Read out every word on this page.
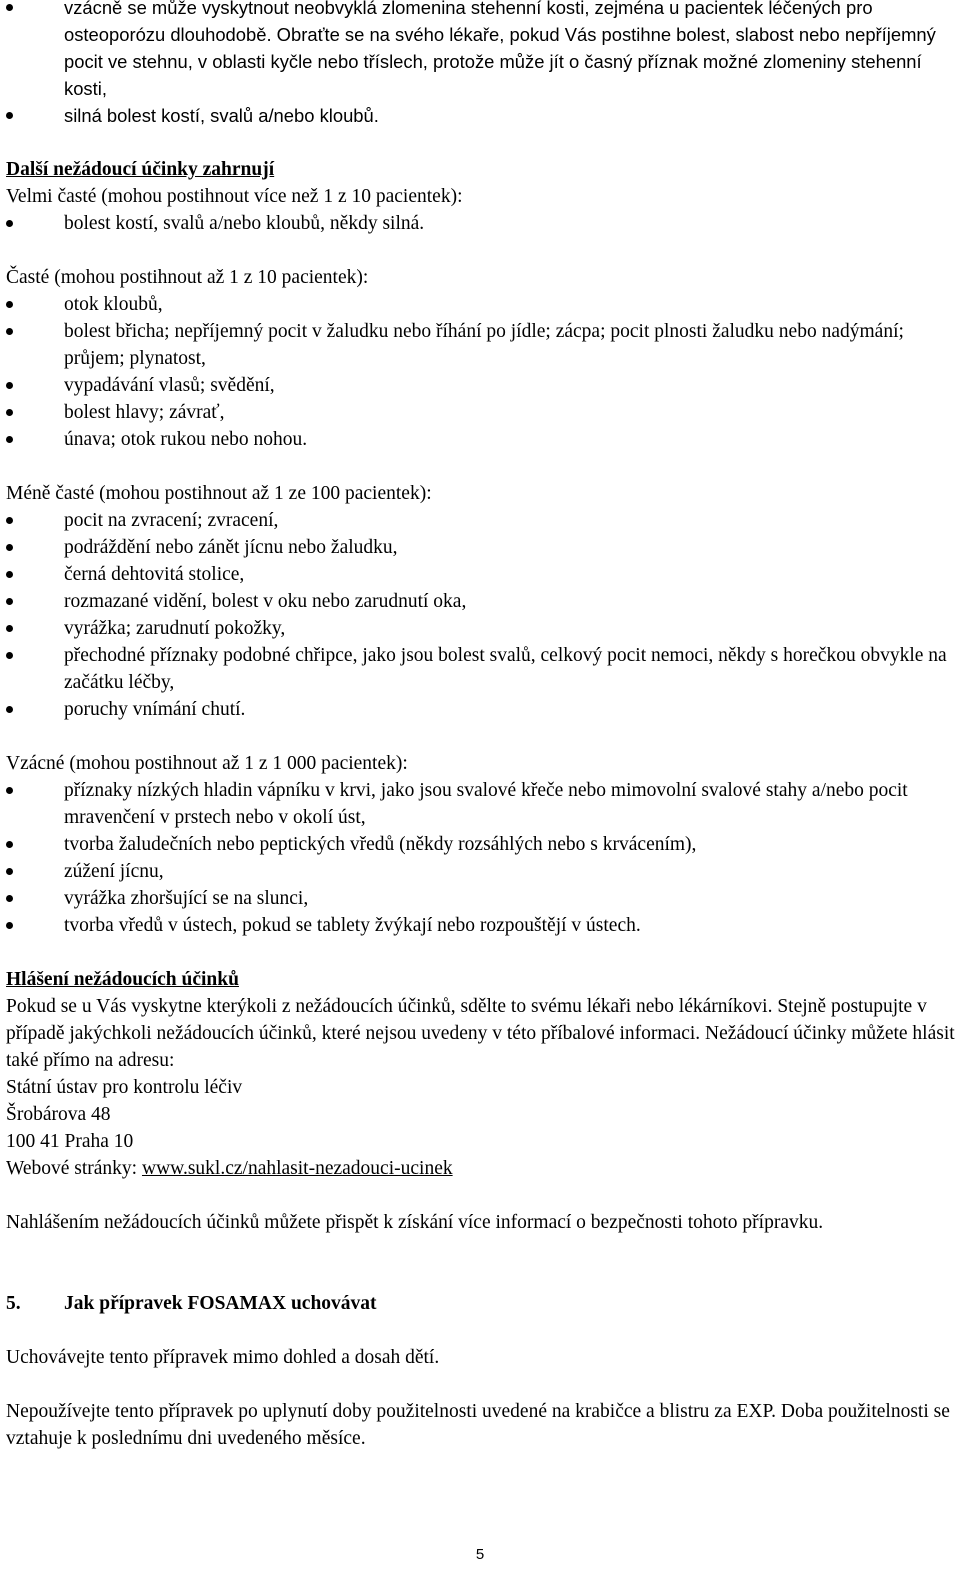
vzácně se může vyskytnout neobvyklá zlomenina stehenní kosti, zejména u pacientek léčených pro osteoporózu dlouhodobě. Obraťte se na svého lékaře, pokud Vás postihne bolest, slabost nebo nepříjemný pocit ve stehnu, v oblasti kyčle nebo tříslech, protože může jít o časný příznak možné zlomeniny stehenní kosti,
silná bolest kostí, svalů a/nebo kloubů.

Další nežádoucí účinky zahrnují

Velmi časté (mohou postihnout více než 1 z 10 pacientek):

bolest kostí, svalů a/nebo kloubů, někdy silná.

Časté (mohou postihnout až 1 z 10 pacientek):

otok kloubů,
bolest břicha; nepříjemný pocit v žaludku nebo říhání po jídle; zácpa; pocit plnosti žaludku nebo nadýmání; průjem; plynatost,
vypadávání vlasů; svědění,
bolest hlavy; závrať,
únava; otok rukou nebo nohou.

Méně časté (mohou postihnout až 1 ze 100 pacientek):

pocit na zvracení; zvracení,
podráždění nebo zánět jícnu nebo žaludku,
černá dehtovitá stolice,
rozmazané vidění, bolest v oku nebo zarudnutí oka,
vyrážka; zarudnutí pokožky,
přechodné příznaky podobné chřipce, jako jsou bolest svalů, celkový pocit nemoci, někdy s horečkou obvykle na začátku léčby,
poruchy vnímání chutí.

Vzácné (mohou postihnout až 1 z 1 000 pacientek):

příznaky nízkých hladin vápníku v krvi, jako jsou svalové křeče nebo mimovolní svalové stahy a/nebo pocit mravenčení v prstech nebo v okolí úst,
tvorba žaludečních nebo peptických vředů (někdy rozsáhlých nebo s krvácením),
zúžení jícnu,
vyrážka zhoršující se na slunci,
tvorba vředů v ústech, pokud se tablety žvýkají nebo rozpouštějí v ústech.

Hlášení nežádoucích účinků

Pokud se u Vás vyskytne kterýkoli z nežádoucích účinků, sdělte to svému lékaři nebo lékárníkovi. Stejně postupujte v případě jakýchkoli nežádoucích účinků, které nejsou uvedeny v této příbalové informaci. Nežádoucí účinky můžete hlásit také přímo na adresu:

Státní ústav pro kontrolu léčiv

Šrobárova 48

100 41 Praha 10

Webové stránky: www.sukl.cz/nahlasit-nezadouci-ucinek

Nahlášením nežádoucích účinků můžete přispět k získání více informací o bezpečnosti tohoto přípravku.

5.	Jak přípravek FOSAMAX uchovávat

Uchovávejte tento přípravek mimo dohled a dosah dětí.

Nepoužívejte tento přípravek po uplynutí doby použitelnosti uvedené na krabičce a blistru za EXP. Doba použitelnosti se vztahuje k poslednímu dni uvedeného měsíce.

5
